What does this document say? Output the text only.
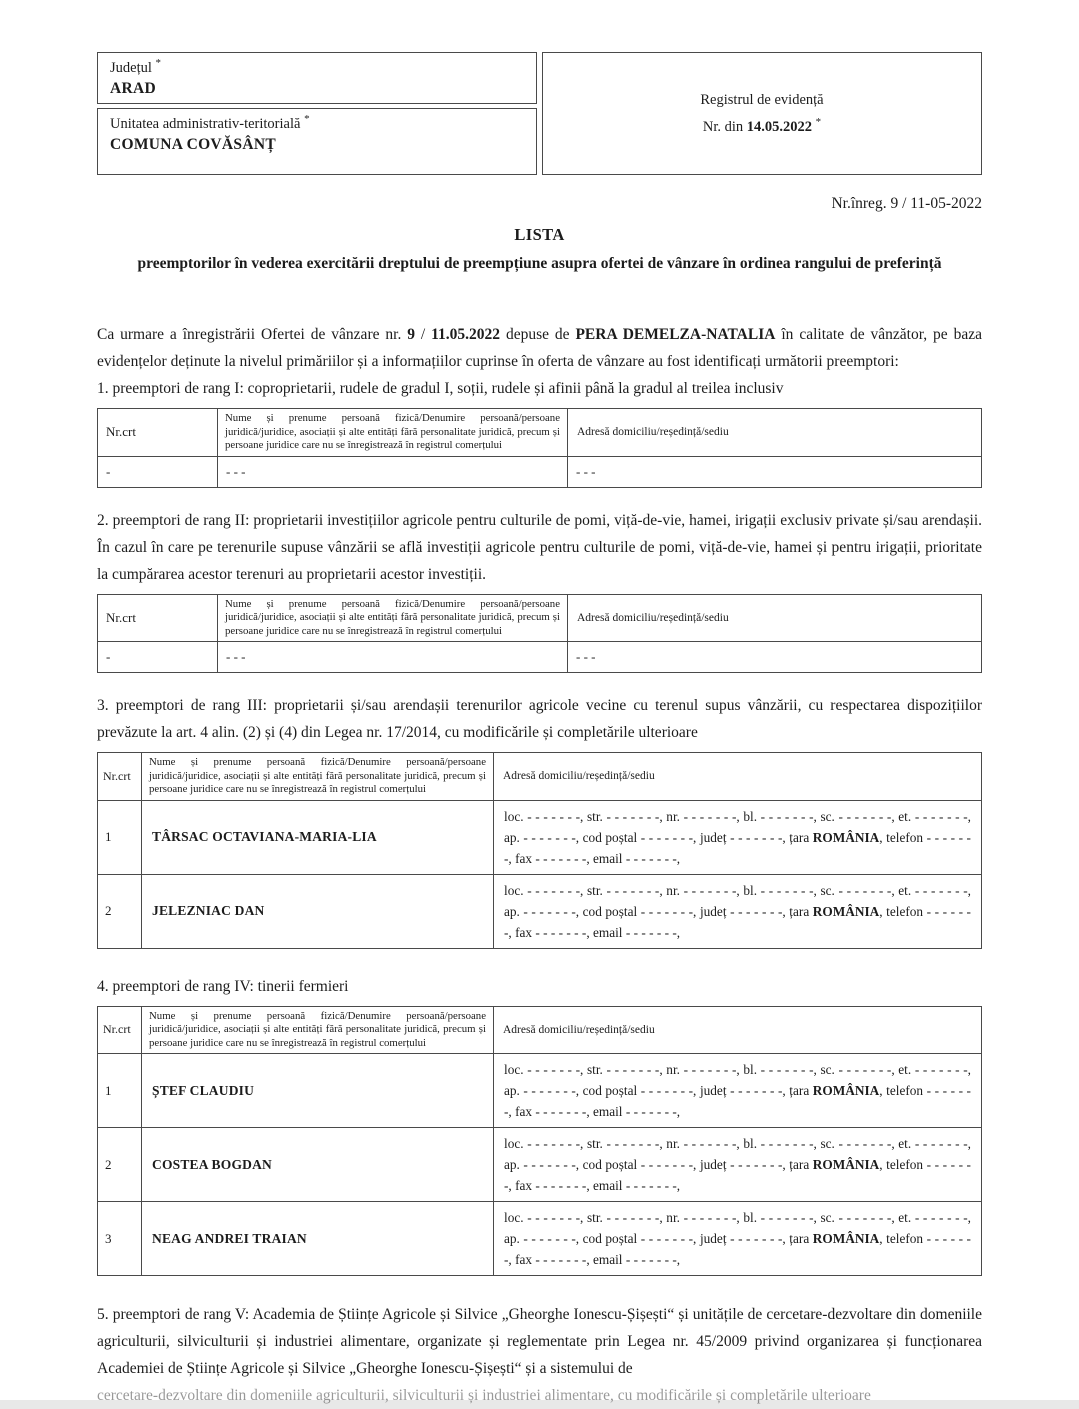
Județul *
ARAD
Unitatea administrativ-teritorială *
COMUNA COVĂSÂNȚ
Registrul de evidență
Nr. din 14.05.2022 *
Nr.înreg. 9 / 11-05-2022
LISTA
preemptorilor în vederea exercitării dreptului de preempțiune asupra ofertei de vânzare în ordinea rangului de preferință

Ca urmare a înregistrării Ofertei de vânzare nr. 9 / 11.05.2022 depuse de PERA DEMELZA-NATALIA în calitate de vânzător, pe baza evidențelor deținute la nivelul primăriilor și a informațiilor cuprinse în oferta de vânzare au fost identificați următorii preemptori:

1. preemptori de rang I: coproprietarii, rudele de gradul I, soții, rudele și afinii până la gradul al treilea inclusiv

Nr.crt	Nume și prenume persoană fizică/Denumire persoană/persoane juridică/juridice, asociații și alte entități fără personalitate juridică, precum și persoane juridice care nu se înregistrează în registrul comerțului	Adresă domiciliu/reședință/sediu
-	- - -	- - -

2. preemptori de rang II: proprietarii investițiilor agricole pentru culturile de pomi, viță-de-vie, hamei, irigații exclusiv private și/sau arendașii. În cazul în care pe terenurile supuse vânzării se află investiții agricole pentru culturile de pomi, viță-de-vie, hamei și pentru irigații, prioritate la cumpărarea acestor terenuri au proprietarii acestor investiții.

Nr.crt	Nume și prenume persoană fizică/Denumire persoană/persoane juridică/juridice, asociații și alte entități fără personalitate juridică, precum și persoane juridice care nu se înregistrează în registrul comerțului	Adresă domiciliu/reședință/sediu
-	- - -	- - -

3. preemptori de rang III: proprietarii și/sau arendașii terenurilor agricole vecine cu terenul supus vânzării, cu respectarea dispozițiilor prevăzute la art. 4 alin. (2) și (4) din Legea nr. 17/2014, cu modificările și completările ulterioare

Nr.crt	Nume și prenume persoană fizică/Denumire persoană/persoane juridică/juridice, asociații și alte entități fără personalitate juridică, precum și persoane juridice care nu se înregistrează în registrul comerțului	Adresă domiciliu/reședință/sediu
1	TÂRSAC OCTAVIANA-MARIA-LIA	loc. - - - - - - -, str. - - - - - - -, nr. - - - - - - -, bl. - - - - - - -, sc. - - - - - - -, et. - - - - - - -, ap. - - - - - - -, cod poștal - - - - - - -, județ - - - - - - -, țara ROMÂNIA, telefon - - - - - - -, fax - - - - - - -, email - - - - - - -,
2	JELEZNIAC DAN	loc. - - - - - - -, str. - - - - - - -, nr. - - - - - - -, bl. - - - - - - -, sc. - - - - - - -, et. - - - - - - -, ap. - - - - - - -, cod poștal - - - - - - -, județ - - - - - - -, țara ROMÂNIA, telefon - - - - - - -, fax - - - - - - -, email - - - - - - -,

4. preemptori de rang IV: tinerii fermieri

Nr.crt	Nume și prenume persoană fizică/Denumire persoană/persoane juridică/juridice, asociații și alte entități fără personalitate juridică, precum și persoane juridice care nu se înregistrează în registrul comerțului	Adresă domiciliu/reședință/sediu
1	ȘTEF CLAUDIU	loc. - - - - - - -, str. - - - - - - -, nr. - - - - - - -, bl. - - - - - - -, sc. - - - - - - -, et. - - - - - - -, ap. - - - - - - -, cod poștal - - - - - - -, județ - - - - - - -, țara ROMÂNIA, telefon - - - - - - -, fax - - - - - - -, email - - - - - - -,
2	COSTEA BOGDAN	loc. - - - - - - -, str. - - - - - - -, nr. - - - - - - -, bl. - - - - - - -, sc. - - - - - - -, et. - - - - - - -, ap. - - - - - - -, cod poștal - - - - - - -, județ - - - - - - -, țara ROMÂNIA, telefon - - - - - - -, fax - - - - - - -, email - - - - - - -,
3	NEAG ANDREI TRAIAN	loc. - - - - - - -, str. - - - - - - -, nr. - - - - - - -, bl. - - - - - - -, sc. - - - - - - -, et. - - - - - - -, ap. - - - - - - -, cod poștal - - - - - - -, județ - - - - - - -, țara ROMÂNIA, telefon - - - - - - -, fax - - - - - - -, email - - - - - - -,

5. preemptori de rang V: Academia de Științe Agricole și Silvice „Gheorghe Ionescu-Șișești“ și unitățile de cercetare-dezvoltare din domeniile agriculturii, silviculturii și industriei alimentare, organizate și reglementate prin Legea nr. 45/2009 privind organizarea și funcționarea Academiei de Științe Agricole și Silvice „Gheorghe Ionescu-Șișești“ și a sistemului de

cercetare-dezvoltare din domeniile agriculturii, silviculturii și industriei alimentare, cu modificările și completările ulterioare
